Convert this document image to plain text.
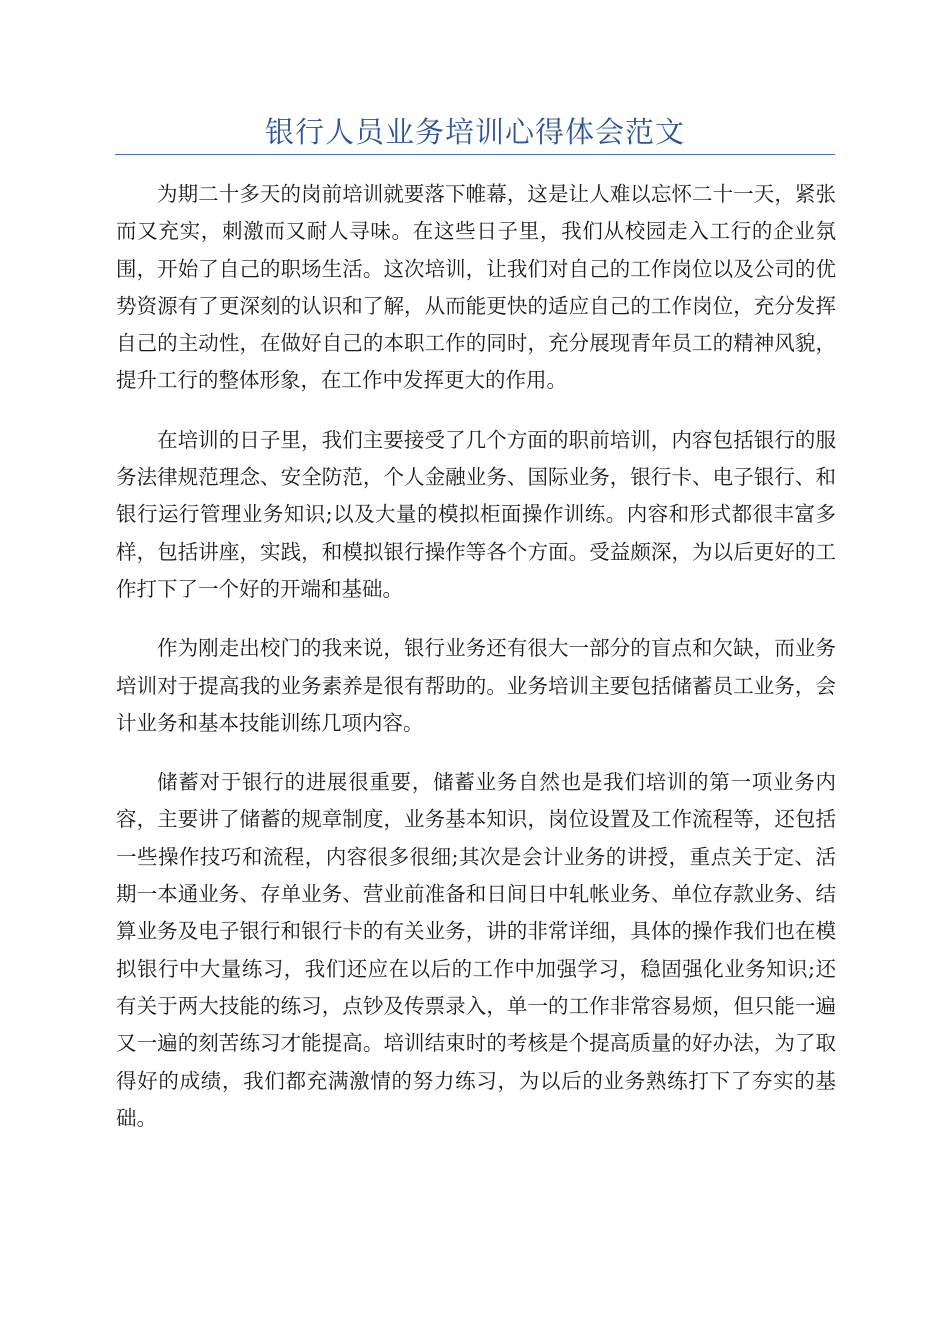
银行人员业务培训心得体会范文

为期二十多天的岗前培训就要落下帷幕，这是让人难以忘怀二十一天，紧张而又充实，刺激而又耐人寻味。在这些日子里，我们从校园走入工行的企业氛围，开始了自己的职场生活。这次培训，让我们对自己的工作岗位以及公司的优势资源有了更深刻的认识和了解，从而能更快的适应自己的工作岗位，充分发挥自己的主动性，在做好自己的本职工作的同时，充分展现青年员工的精神风貌，提升工行的整体形象，在工作中发挥更大的作用。

在培训的日子里，我们主要接受了几个方面的职前培训，内容包括银行的服务法律规范理念、安全防范，个人金融业务、国际业务，银行卡、电子银行、和银行运行管理业务知识;以及大量的模拟柜面操作训练。内容和形式都很丰富多样，包括讲座，实践，和模拟银行操作等各个方面。受益颇深，为以后更好的工作打下了一个好的开端和基础。

作为刚走出校门的我来说，银行业务还有很大一部分的盲点和欠缺，而业务培训对于提高我的业务素养是很有帮助的。业务培训主要包括储蓄员工业务，会计业务和基本技能训练几项内容。

储蓄对于银行的进展很重要，储蓄业务自然也是我们培训的第一项业务内容，主要讲了储蓄的规章制度，业务基本知识，岗位设置及工作流程等，还包括一些操作技巧和流程，内容很多很细;其次是会计业务的讲授，重点关于定、活期一本通业务、存单业务、营业前准备和日间日中轧帐业务、单位存款业务、结算业务及电子银行和银行卡的有关业务，讲的非常详细，具体的操作我们也在模拟银行中大量练习，我们还应在以后的工作中加强学习，稳固强化业务知识;还有关于两大技能的练习，点钞及传票录入，单一的工作非常容易烦，但只能一遍又一遍的刻苦练习才能提高。培训结束时的考核是个提高质量的好办法，为了取得好的成绩，我们都充满激情的努力练习，为以后的业务熟练打下了夯实的基础。
